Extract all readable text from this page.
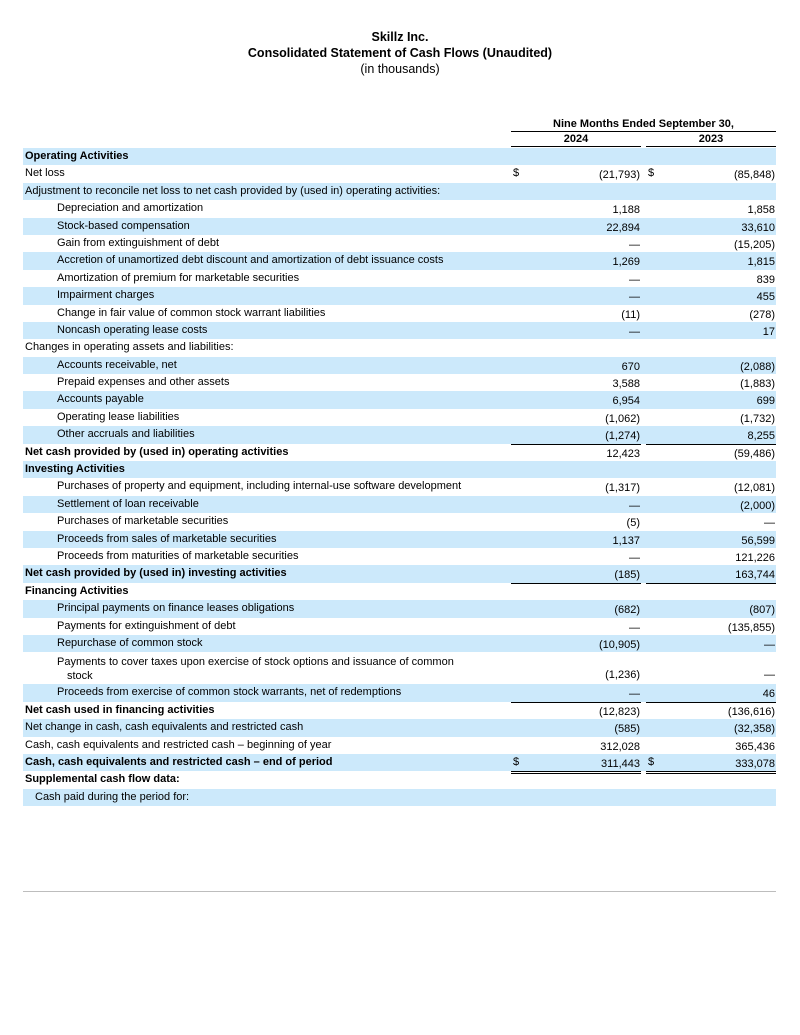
Skillz Inc.
Consolidated Statement of Cash Flows (Unaudited)
(in thousands)
Nine Months Ended September 30,
2024	2023
Operating Activities
Net loss	$	(21,793) $	(85,848)
Adjustment to reconcile net loss to net cash provided by (used in) operating activities:
Depreciation and amortization	1,188	1,858
Stock-based compensation	22,894	33,610
Gain from extinguishment of debt	—	(15,205)
Accretion of unamortized debt discount and amortization of debt issuance costs	1,269	1,815
Amortization of premium for marketable securities	—	839
Impairment charges	—	455
Change in fair value of common stock warrant liabilities	(11)	(278)
Noncash operating lease costs	—	17
Changes in operating assets and liabilities:
Accounts receivable, net	670	(2,088)
Prepaid expenses and other assets	3,588	(1,883)
Accounts payable	6,954	699
Operating lease liabilities	(1,062)	(1,732)
Other accruals and liabilities	(1,274)	8,255
Net cash provided by (used in) operating activities	12,423	(59,486)
Investing Activities
Purchases of property and equipment, including internal-use software development	(1,317)	(12,081)
Settlement of loan receivable	—	(2,000)
Purchases of marketable securities	(5)	—
Proceeds from sales of marketable securities	1,137	56,599
Proceeds from maturities of marketable securities	—	121,226
Net cash provided by (used in) investing activities	(185)	163,744
Financing Activities
Principal payments on finance leases obligations	(682)	(807)
Payments for extinguishment of debt	—	(135,855)
Repurchase of common stock	(10,905)	—
Payments to cover taxes upon exercise of stock options and issuance of common
stock	(1,236)	—
Proceeds from exercise of common stock warrants, net of redemptions	—	46
Net cash used in financing activities	(12,823)	(136,616)
Net change in cash, cash equivalents and restricted cash	(585)	(32,358)
Cash, cash equivalents and restricted cash – beginning of year	312,028	365,436
Cash, cash equivalents and restricted cash – end of period	$	311,443 $	333,078
Supplemental cash flow data:
Cash paid during the period for:
